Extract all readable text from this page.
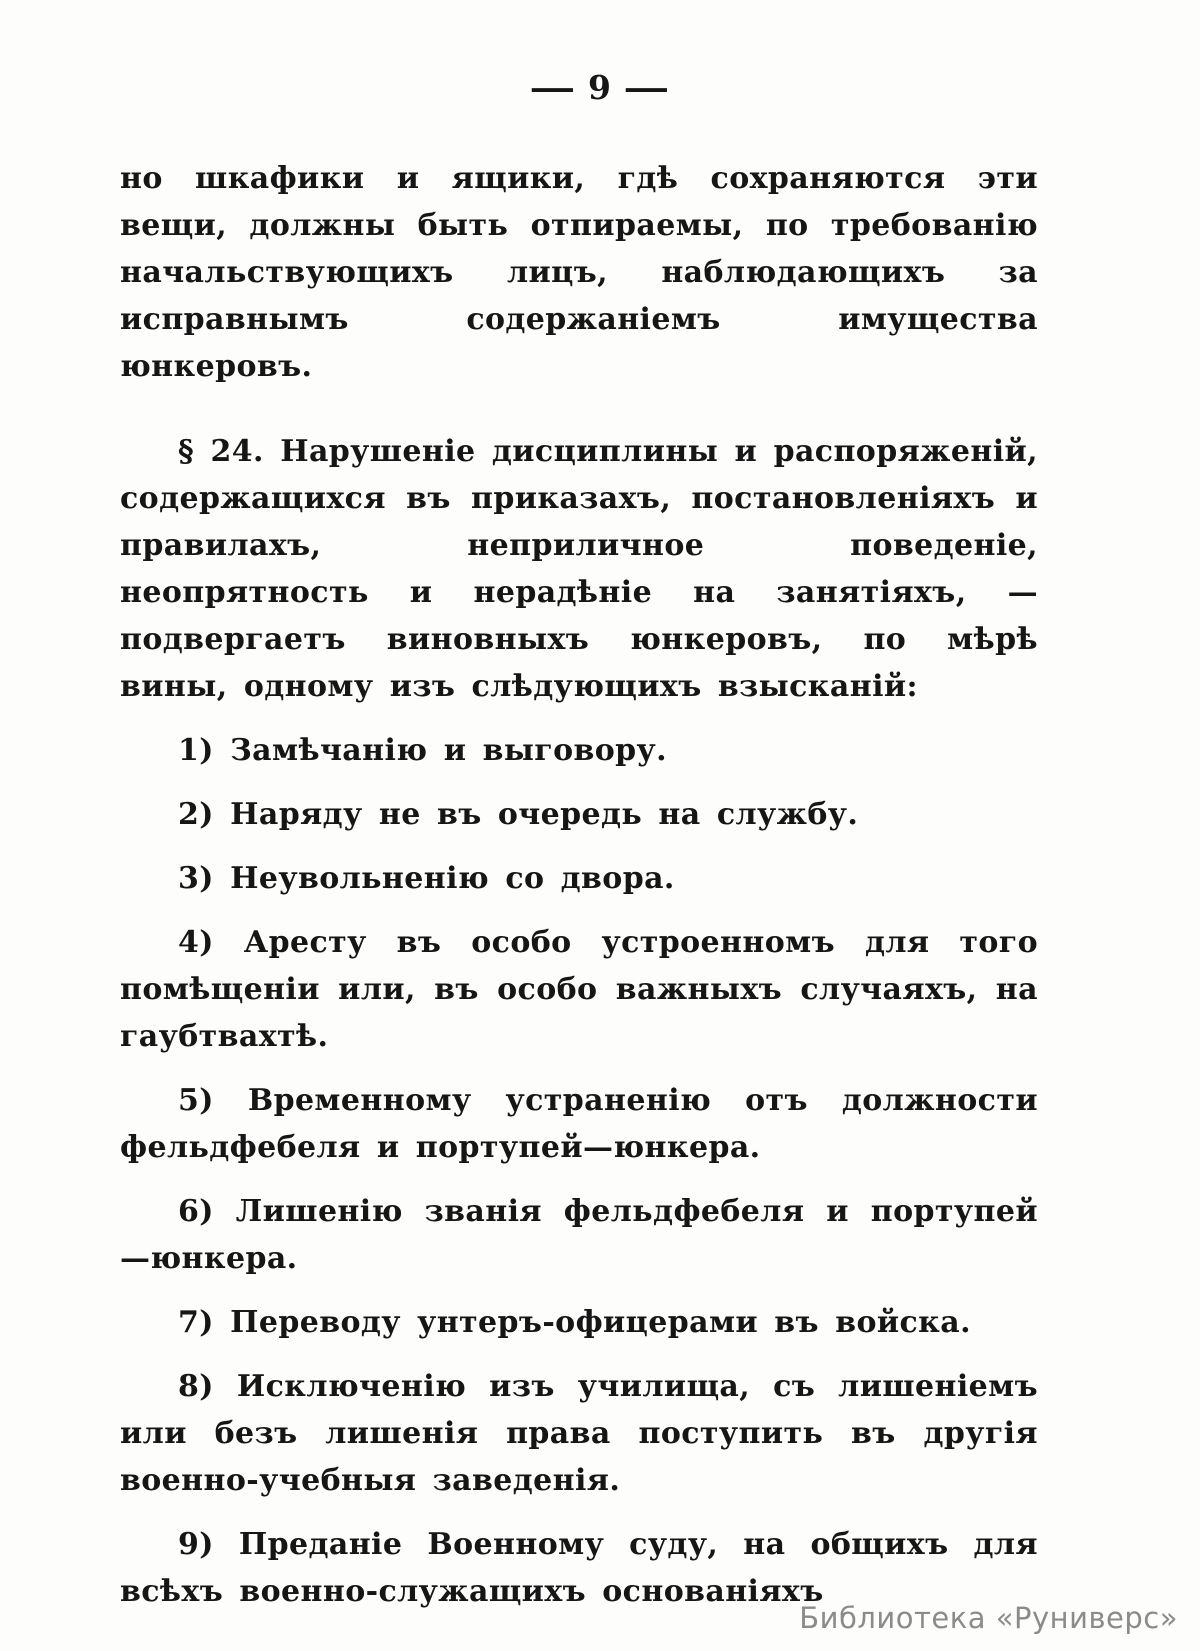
— 9 —

но шкафики и ящики, гдѣ сохраняются эти вещи, должны быть отпираемы, по требованію начальствующихъ лицъ, наблюдающихъ за исправнымъ содержаніемъ имущества юнкеровъ.

§ 24. Нарушеніе дисциплины и распоряженій, содержащихся въ приказахъ, постановленіяхъ и правилахъ, неприличное поведеніе, неопрятность и нерадѣніе на занятіяхъ, — подвергаетъ виновныхъ юнкеровъ, по мѣрѣ вины, одному изъ слѣдующихъ взысканій:

1) Замѣчанію и выговору.

2) Наряду не въ очередь на службу.

3) Неувольненію со двора.

4) Аресту въ особо устроенномъ для того помѣщеніи или, въ особо важныхъ случаяхъ, на гаубтвахтѣ.

5) Временному устраненію отъ должности фельдфебеля и портупей—юнкера.

6) Лишенію званія фельдфебеля и портупей—юнкера.

7) Переводу унтеръ-офицерами въ войска.

8) Исключенію изъ училища, съ лишеніемъ или безъ лишенія права поступить въ другія военно-учебныя заведенія.

9) Преданіе Военному суду, на общихъ для всѣхъ военно-служащихъ основаніяхъ

Библиотека «Руниверс»
